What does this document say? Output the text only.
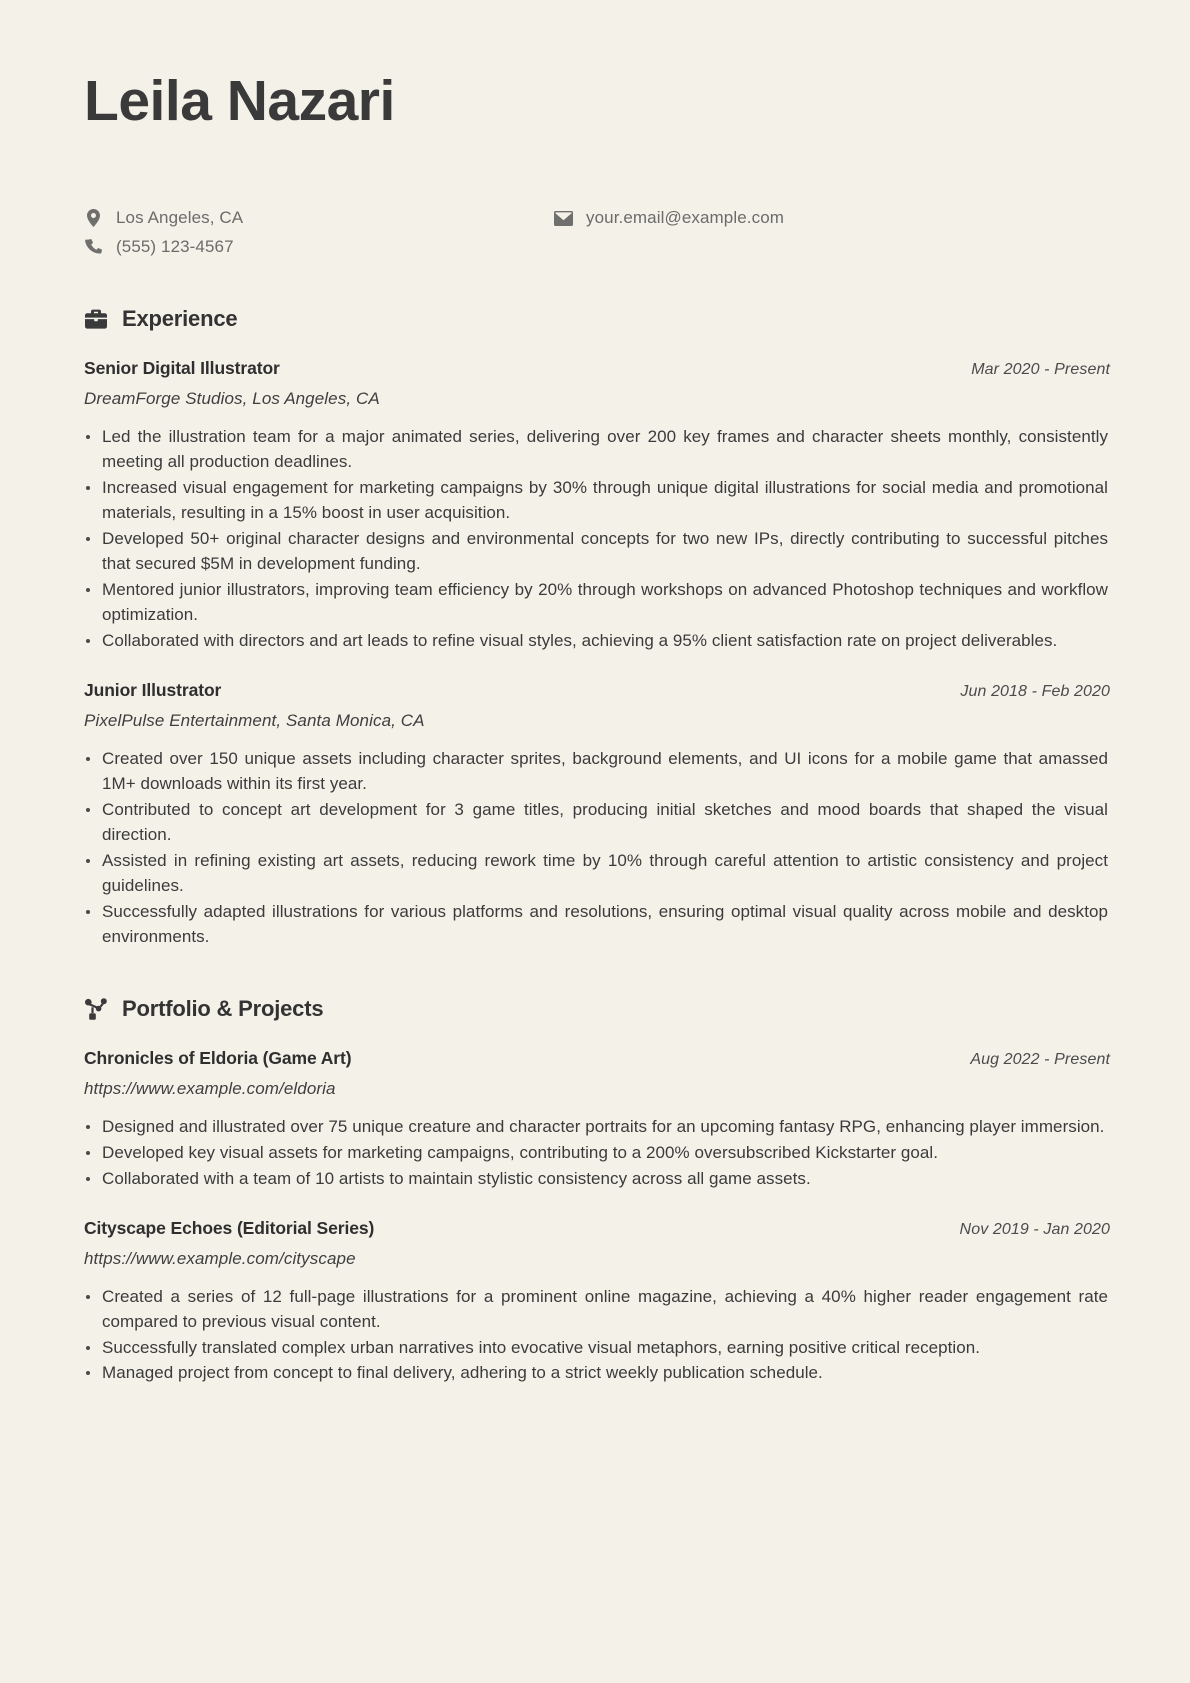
Leila Nazari
Los Angeles, CA	your.email@example.com
(555) 123-4567
Experience
Senior Digital Illustrator	Mar 2020 - Present
DreamForge Studios, Los Angeles, CA
Led the illustration team for a major animated series, delivering over 200 key frames and character sheets monthly, consistently meeting all production deadlines.
Increased visual engagement for marketing campaigns by 30% through unique digital illustrations for social media and promotional materials, resulting in a 15% boost in user acquisition.
Developed 50+ original character designs and environmental concepts for two new IPs, directly contributing to successful pitches that secured $5M in development funding.
Mentored junior illustrators, improving team efficiency by 20% through workshops on advanced Photoshop techniques and workflow optimization.
Collaborated with directors and art leads to refine visual styles, achieving a 95% client satisfaction rate on project deliverables.
Junior Illustrator	Jun 2018 - Feb 2020
PixelPulse Entertainment, Santa Monica, CA
Created over 150 unique assets including character sprites, background elements, and UI icons for a mobile game that amassed 1M+ downloads within its first year.
Contributed to concept art development for 3 game titles, producing initial sketches and mood boards that shaped the visual direction.
Assisted in refining existing art assets, reducing rework time by 10% through careful attention to artistic consistency and project guidelines.
Successfully adapted illustrations for various platforms and resolutions, ensuring optimal visual quality across mobile and desktop environments.
Portfolio & Projects
Chronicles of Eldoria (Game Art)	Aug 2022 - Present
https://www.example.com/eldoria
Designed and illustrated over 75 unique creature and character portraits for an upcoming fantasy RPG, enhancing player immersion.
Developed key visual assets for marketing campaigns, contributing to a 200% oversubscribed Kickstarter goal.
Collaborated with a team of 10 artists to maintain stylistic consistency across all game assets.
Cityscape Echoes (Editorial Series)	Nov 2019 - Jan 2020
https://www.example.com/cityscape
Created a series of 12 full-page illustrations for a prominent online magazine, achieving a 40% higher reader engagement rate compared to previous visual content.
Successfully translated complex urban narratives into evocative visual metaphors, earning positive critical reception.
Managed project from concept to final delivery, adhering to a strict weekly publication schedule.
